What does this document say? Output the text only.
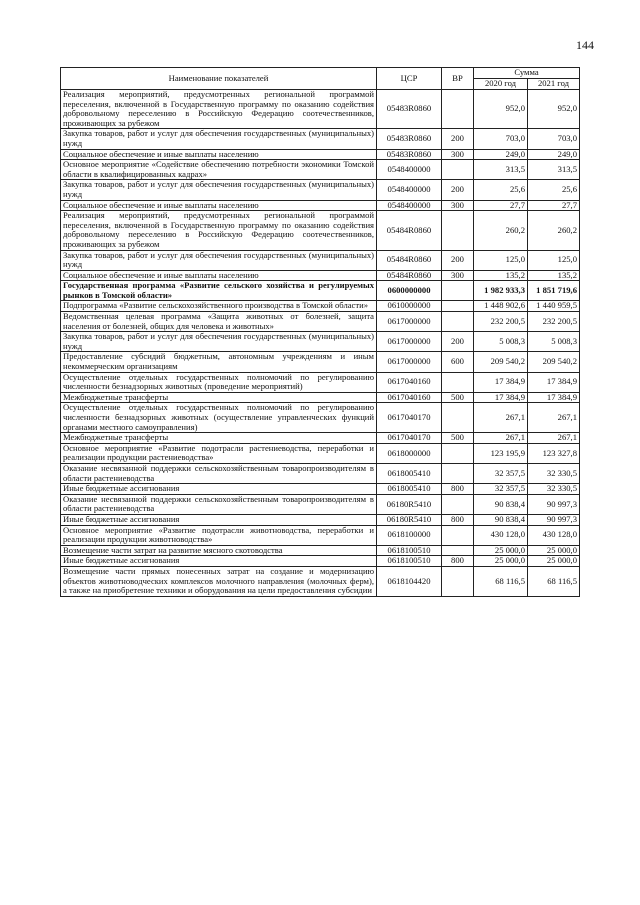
144
Наименование показателей	ЦСР	ВР	Сумма	
			2020 год	2021 год
Реализация мероприятий, предусмотренных региональной программой переселения, включенной в Государственную программу по оказанию содействия добровольному переселению в Российскую Федерацию соотечественников, проживающих за рубежом	05483R0860		952,0	952,0
Закупка товаров, работ и услуг для обеспечения государственных (муниципальных) нужд	05483R0860	200	703,0	703,0
Социальное обеспечение и иные выплаты населению	05483R0860	300	249,0	249,0
Основное мероприятие «Содействие обеспечению потребности экономики Томской области в квалифицированных кадрах»	0548400000		313,5	313,5
Закупка товаров, работ и услуг для обеспечения государственных (муниципальных) нужд	0548400000	200	25,6	25,6
Социальное обеспечение и иные выплаты населению	0548400000	300	27,7	27,7
Реализация мероприятий, предусмотренных региональной программой переселения, включенной в Государственную программу по оказанию содействия добровольному переселению в Российскую Федерацию соотечественников, проживающих за рубежом	05484R0860		260,2	260,2
Закупка товаров, работ и услуг для обеспечения государственных (муниципальных) нужд	05484R0860	200	125,0	125,0
Социальное обеспечение и иные выплаты населению	05484R0860	300	135,2	135,2
Государственная программа «Развитие сельского хозяйства и регулируемых рынков в Томской области»	0600000000		1 982 933,3	1 851 719,6
Подпрограмма «Развитие сельскохозяйственного производства в Томской области»	0610000000		1 448 902,6	1 440 959,5
Ведомственная целевая программа «Защита животных от болезней, защита населения от болезней, общих для человека и животных»	0617000000		232 200,5	232 200,5
Закупка товаров, работ и услуг для обеспечения государственных (муниципальных) нужд	0617000000	200	5 008,3	5 008,3
Предоставление субсидий бюджетным, автономным учреждениям и иным некоммерческим организациям	0617000000	600	209 540,2	209 540,2
Осуществление отдельных государственных полномочий по регулированию численности безнадзорных животных (проведение мероприятий)	0617040160		17 384,9	17 384,9
Межбюджетные трансферты	0617040160	500	17 384,9	17 384,9
Осуществление отдельных государственных полномочий по регулированию численности безнадзорных животных (осуществление управленческих функций органами местного самоуправления)	0617040170		267,1	267,1
Межбюджетные трансферты	0617040170	500	267,1	267,1
Основное мероприятие «Развитие подотрасли растениеводства, переработки и реализации продукции растениеводства»	0618000000		123 195,9	123 327,8
Оказание несвязанной поддержки сельскохозяйственным товаропроизводителям в области растениеводства	0618005410		32 357,5	32 330,5
Иные бюджетные ассигнования	0618005410	800	32 357,5	32 330,5
Оказание несвязанной поддержки сельскохозяйственным товаропроизводителям в области растениеводства	06180R5410		90 838,4	90 997,3
Иные бюджетные ассигнования	06180R5410	800	90 838,4	90 997,3
Основное мероприятие «Развитие подотрасли животноводства, переработки и реализации продукции животноводства»	0618100000		430 128,0	430 128,0
Возмещение части затрат на развитие мясного скотоводства	0618100510		25 000,0	25 000,0
Иные бюджетные ассигнования	0618100510	800	25 000,0	25 000,0
Возмещение части прямых понесенных затрат на создание и модернизацию объектов животноводческих комплексов молочного направления (молочных ферм), а также на приобретение техники и оборудования на цели предоставления субсидии	0618104420		68 116,5	68 116,5
